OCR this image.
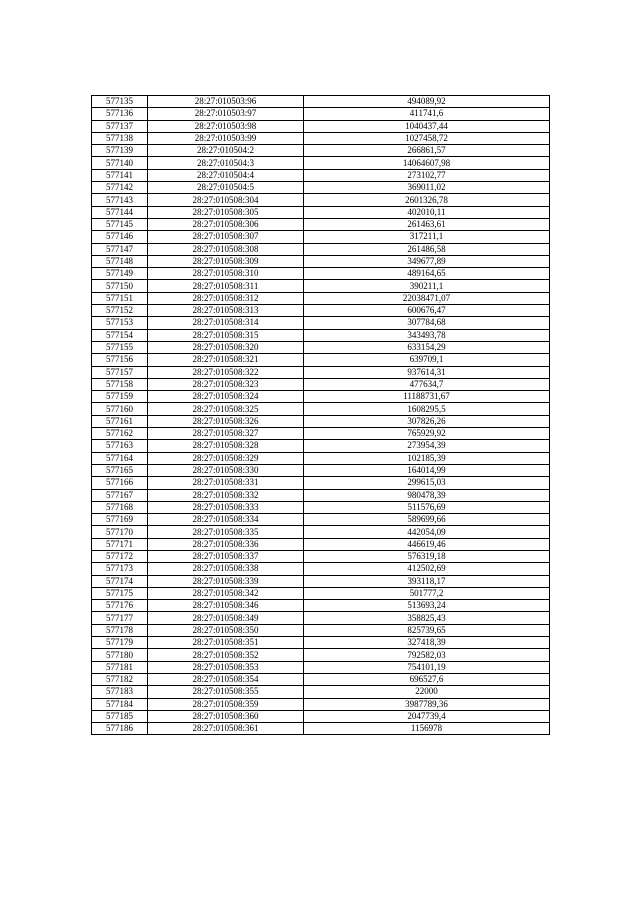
577135	28:27:010503:96	494089,92
577136	28:27:010503:97	411741,6
577137	28:27:010503:98	1040437,44
577138	28:27:010503:99	1027458,72
577139	28:27:010504:2	266861,57
577140	28:27:010504:3	14064607,98
577141	28:27:010504:4	273102,77
577142	28:27:010504:5	369011,02
577143	28:27:010508:304	2601326,78
577144	28:27:010508:305	402010,11
577145	28:27:010508:306	261463,61
577146	28:27:010508:307	317211,1
577147	28:27:010508:308	261486,58
577148	28:27:010508:309	349677,89
577149	28:27:010508:310	489164,65
577150	28:27:010508:311	390211,1
577151	28:27:010508:312	22038471,07
577152	28:27:010508:313	600676,47
577153	28:27:010508:314	307784,68
577154	28:27:010508:315	343493,78
577155	28:27:010508:320	633154,29
577156	28:27:010508:321	639709,1
577157	28:27:010508:322	937614,31
577158	28:27:010508:323	477634,7
577159	28:27:010508:324	11188731,67
577160	28:27:010508:325	1608295,5
577161	28:27:010508:326	307826,26
577162	28:27:010508:327	765929,92
577163	28:27:010508:328	273954,39
577164	28:27:010508:329	102185,39
577165	28:27:010508:330	164014,99
577166	28:27:010508:331	299615,03
577167	28:27:010508:332	980478,39
577168	28:27:010508:333	511576,69
577169	28:27:010508:334	589699,66
577170	28:27:010508:335	442054,09
577171	28:27:010508:336	446619,46
577172	28:27:010508:337	576319,18
577173	28:27:010508:338	412502,69
577174	28:27:010508:339	393118,17
577175	28:27:010508:342	501777,2
577176	28:27:010508:346	513693,24
577177	28:27:010508:349	358825,43
577178	28:27:010508:350	825739,65
577179	28:27:010508:351	327418,39
577180	28:27:010508:352	792582,03
577181	28:27:010508:353	754101,19
577182	28:27:010508:354	696527,6
577183	28:27:010508:355	22000
577184	28:27:010508:359	3987789,36
577185	28:27:010508:360	2047739,4
577186	28:27:010508:361	1156978
